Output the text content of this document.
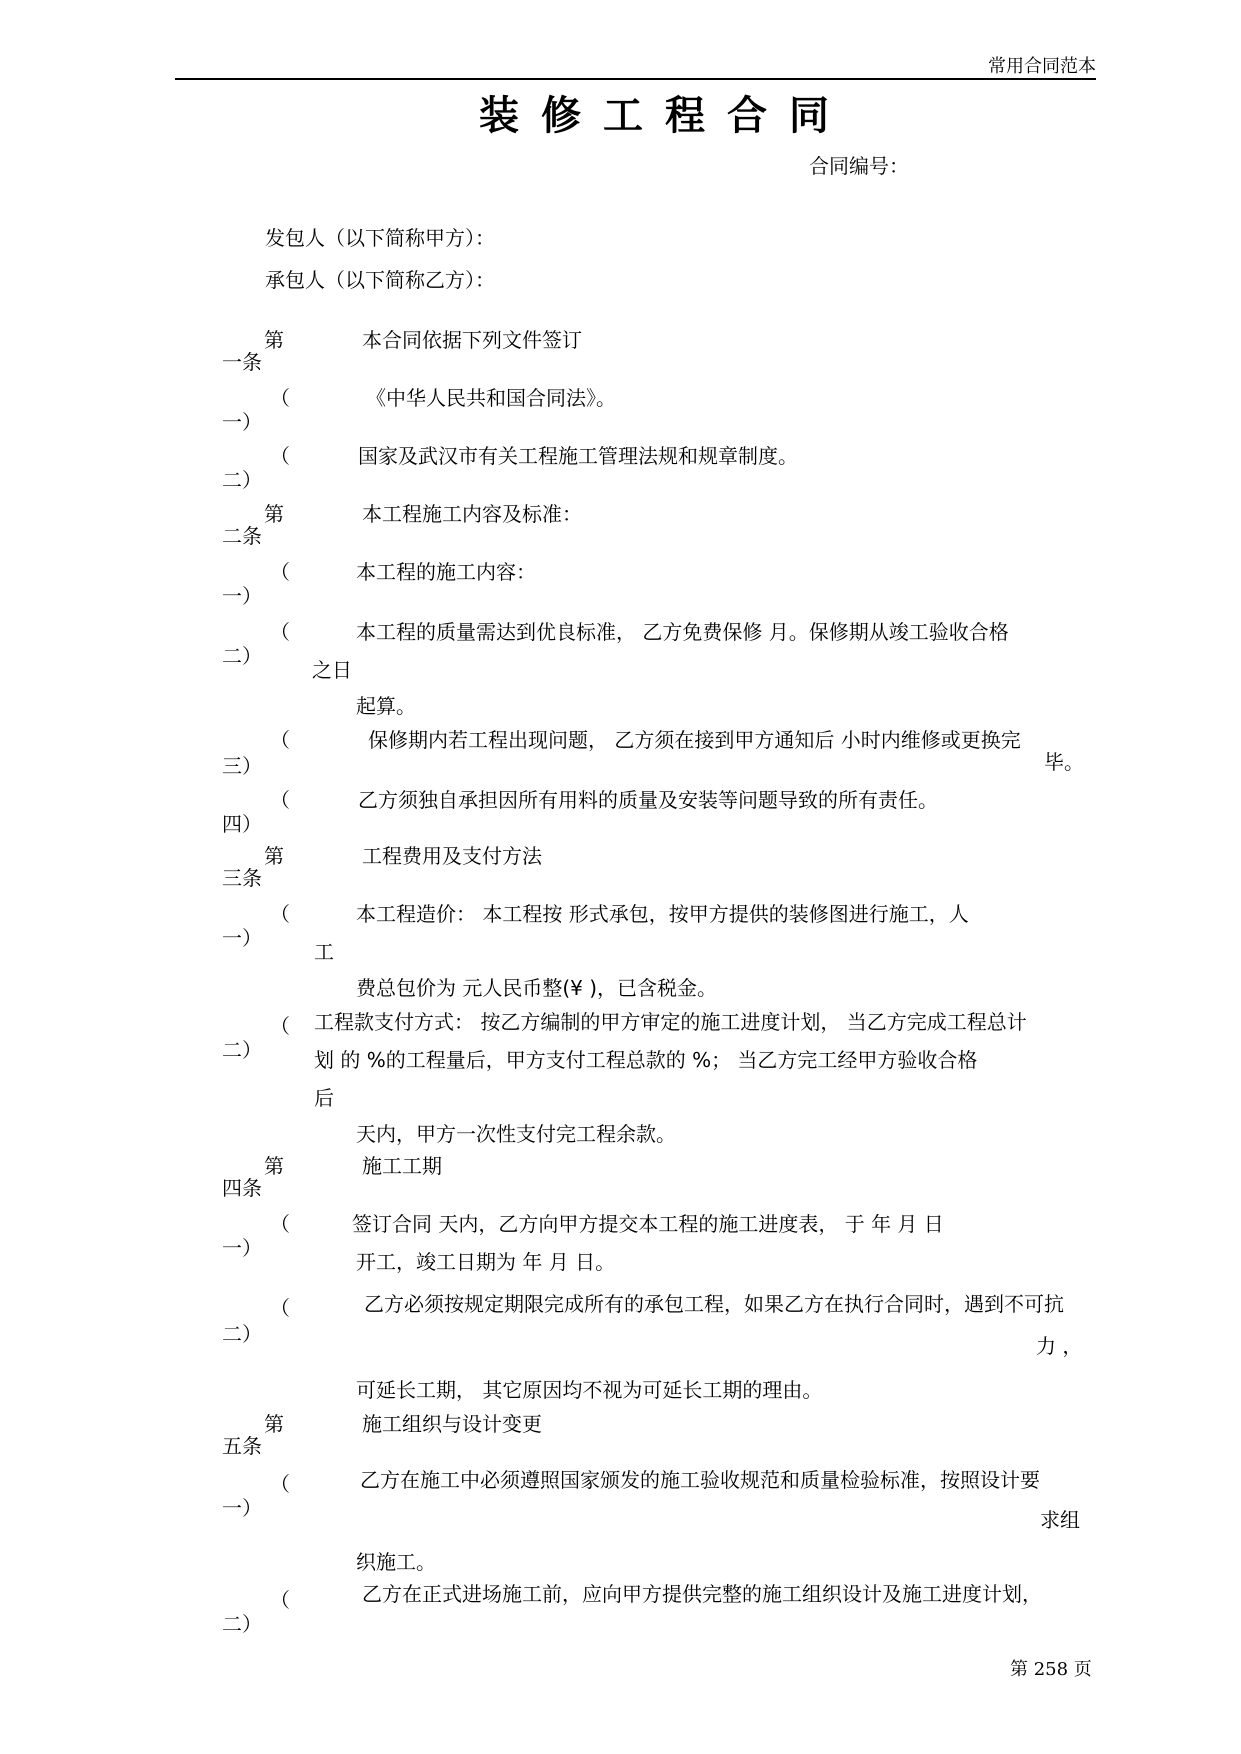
常用合同范本
装修工程合同
合同编号：
发包人（以下简称甲方）：
承包人（以下简称乙方）：
第
一条
本合同依据下列文件签订
（
一）
《中华人民共和国合同法》。
（
二）
国家及武汉市有关工程施工管理法规和规章制度。
第
二条
本工程施工内容及标准：
（
一）
本工程的施工内容：
（
二）
本工程的质量需达到优良标准， 乙方免费保修 月。保修期从竣工验收合格
之日
起算。
（
三）
保修期内若工程出现问题， 乙方须在接到甲方通知后 小时内维修或更换完
毕。
（
四）
乙方须独自承担因所有用料的质量及安装等问题导致的所有责任。
第
三条
工程费用及支付方法
（
一）
本工程造价： 本工程按 形式承包，按甲方提供的装修图进行施工，人
工
费总包价为 元人民币整(¥ )，已含税金。
（
二）
工程款支付方式： 按乙方编制的甲方审定的施工进度计划， 当乙方完成工程总计
划 的 %的工程量后，甲方支付工程总款的 %； 当乙方完工经甲方验收合格
后
天内，甲方一次性支付完工程余款。
第
四条
施工工期
（
一）
签订合同 天内，乙方向甲方提交本工程的施工进度表， 于 年 月 日
开工，竣工日期为 年 月 日。
（
二）
乙方必须按规定期限完成所有的承包工程，如果乙方在执行合同时，遇到不可抗
力 ，
可延长工期， 其它原因均不视为可延长工期的理由。
第
五条
施工组织与设计变更
（
一）
乙方在施工中必须遵照国家颁发的施工验收规范和质量检验标准，按照设计要
求组
织施工。
（
二）
乙方在正式进场施工前，应向甲方提供完整的施工组织设计及施工进度计划，
第 258 页
